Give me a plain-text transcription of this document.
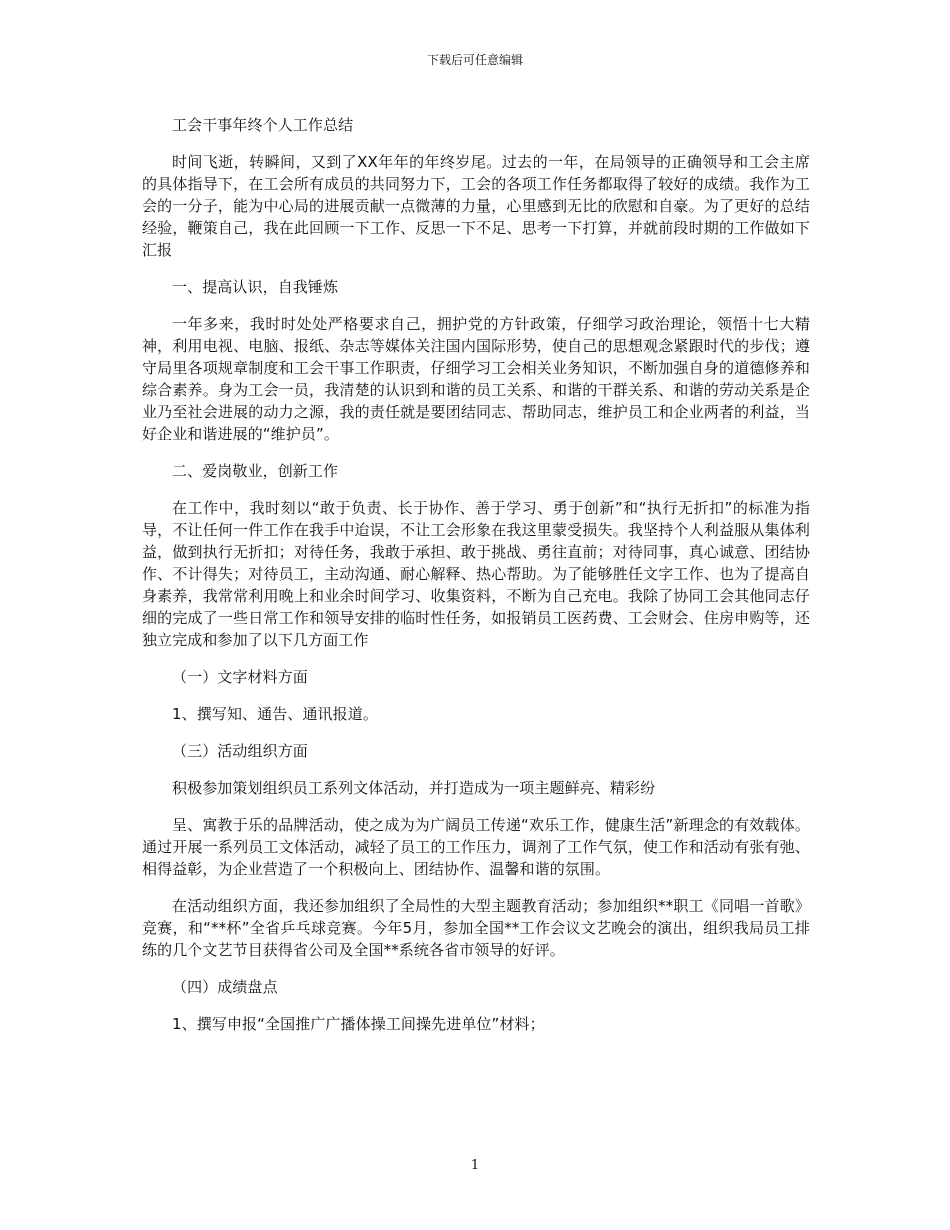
下载后可任意编辑

工会干事年终个人工作总结

时间飞逝，转瞬间，又到了XX年年的年终岁尾。过去的一年，在局领导的正确领导和工会主席的具体指导下，在工会所有成员的共同努力下，工会的各项工作任务都取得了较好的成绩。我作为工会的一分子，能为中心局的进展贡献一点微薄的力量，心里感到无比的欣慰和自豪。为了更好的总结经验，鞭策自己，我在此回顾一下工作、反思一下不足、思考一下打算，并就前段时期的工作做如下汇报

一、提高认识，自我锤炼

一年多来，我时时处处严格要求自己，拥护党的方针政策，仔细学习政治理论，领悟十七大精神，利用电视、电脑、报纸、杂志等媒体关注国内国际形势，使自己的思想观念紧跟时代的步伐；遵守局里各项规章制度和工会干事工作职责，仔细学习工会相关业务知识，不断加强自身的道德修养和综合素养。身为工会一员，我清楚的认识到和谐的员工关系、和谐的干群关系、和谐的劳动关系是企业乃至社会进展的动力之源，我的责任就是要团结同志、帮助同志，维护员工和企业两者的利益，当好企业和谐进展的“维护员”。

二、爱岗敬业，创新工作

在工作中，我时刻以“敢于负责、长于协作、善于学习、勇于创新”和“执行无折扣”的标准为指导，不让任何一件工作在我手中迨误，不让工会形象在我这里蒙受损失。我坚持个人利益服从集体利益，做到执行无折扣；对待任务，我敢于承担、敢于挑战、勇往直前；对待同事，真心诚意、团结协作、不计得失；对待员工，主动沟通、耐心解释、热心帮助。为了能够胜任文字工作、也为了提高自身素养，我常常利用晚上和业余时间学习、收集资料，不断为自己充电。我除了协同工会其他同志仔细的完成了一些日常工作和领导安排的临时性任务，如报销员工医药费、工会财会、住房申购等，还独立完成和参加了以下几方面工作

（一）文字材料方面

1、撰写知、通告、通讯报道。

（三）活动组织方面

积极参加策划组织员工系列文体活动，并打造成为一项主题鲜亮、精彩纷

呈、寓教于乐的品牌活动，使之成为为广阔员工传递“欢乐工作，健康生活”新理念的有效载体。通过开展一系列员工文体活动，减轻了员工的工作压力，调剂了工作气氛，使工作和活动有张有弛、相得益彰，为企业营造了一个积极向上、团结协作、温馨和谐的氛围。

在活动组织方面，我还参加组织了全局性的大型主题教育活动；参加组织**职工《同唱一首歌》竞赛，和“**杯”全省乒乓球竞赛。今年5月，参加全国**工作会议文艺晚会的演出，组织我局员工排练的几个文艺节目获得省公司及全国**系统各省市领导的好评。

（四）成绩盘点

1、撰写申报“全国推广广播体操工间操先进单位”材料；

1
